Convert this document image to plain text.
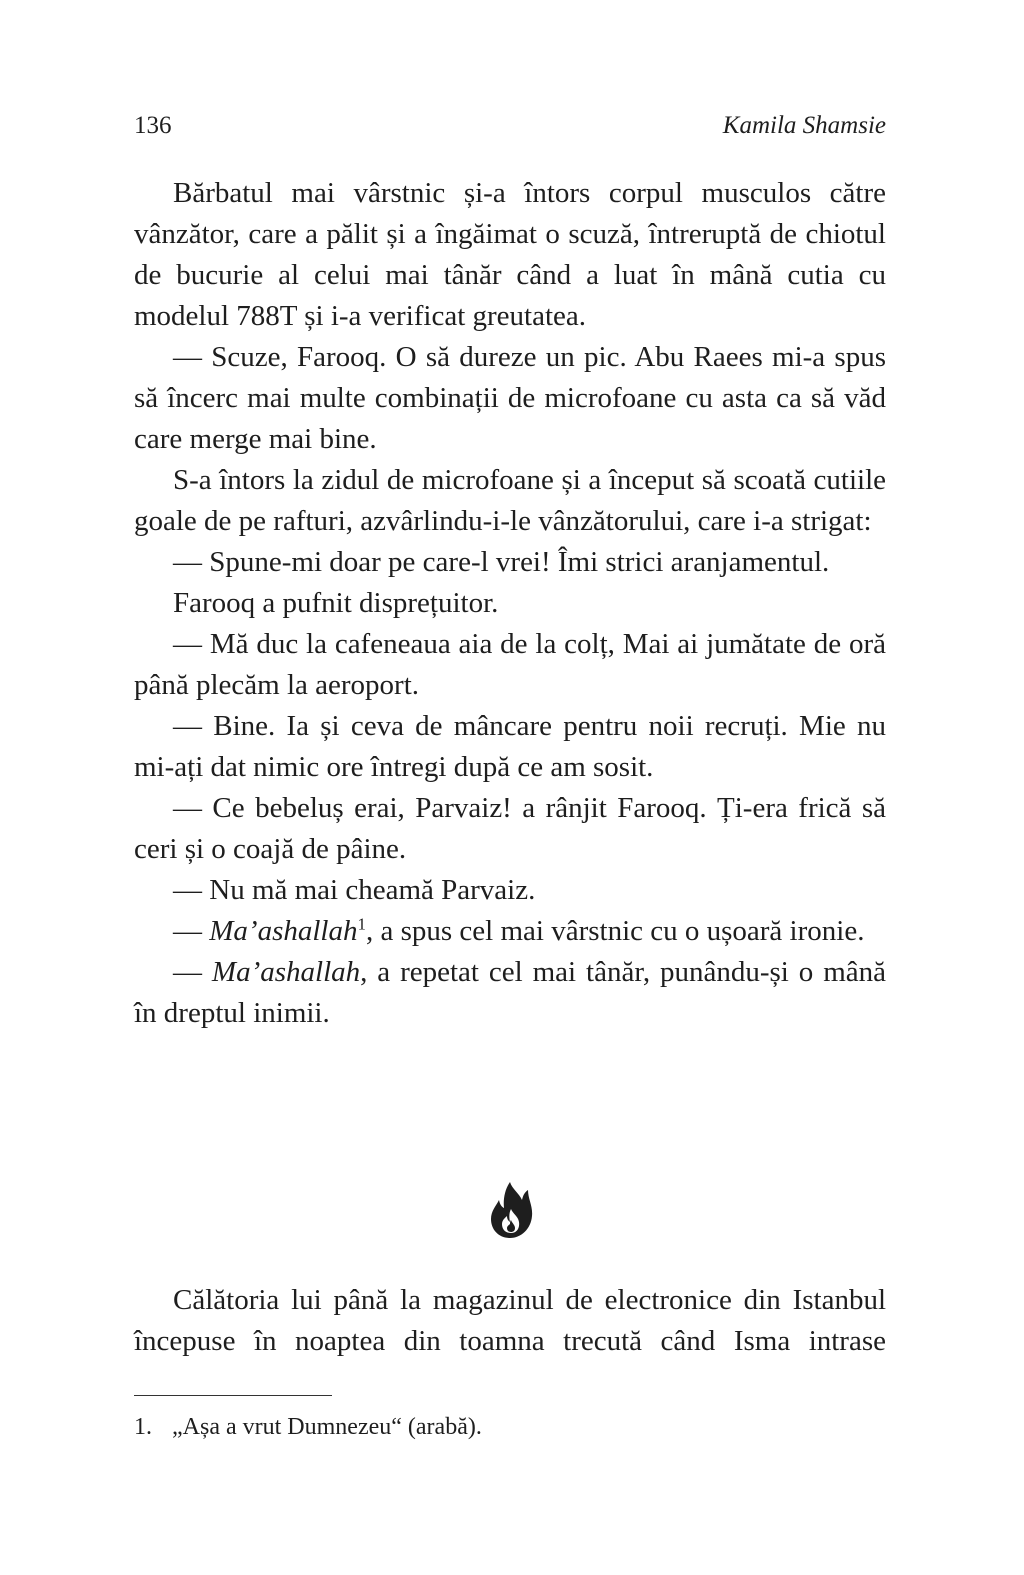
136	Kamila Shamsie

Bărbatul mai vârstnic și-a întors corpul musculos către vânzător, care a pălit și a îngăimat o scuză, întreruptă de chiotul de bucurie al celui mai tânăr când a luat în mână cutia cu modelul 788T și i-a verificat greutatea.

— Scuze, Farooq. O să dureze un pic. Abu Raees mi-a spus să încerc mai multe combinații de microfoane cu asta ca să văd care merge mai bine.

S-a întors la zidul de microfoane și a început să scoată cutiile goale de pe rafturi, azvârlindu-i-le vânzătorului, care i-a strigat:

— Spune-mi doar pe care-l vrei! Îmi strici aranjamentul.

Farooq a pufnit disprețuitor.

— Mă duc la cafeneaua aia de la colț, Mai ai jumătate de oră până plecăm la aeroport.

— Bine. Ia și ceva de mâncare pentru noii recruți. Mie nu mi-ați dat nimic ore întregi după ce am sosit.

— Ce bebeluș erai, Parvaiz! a rânjit Farooq. Ți-era frică să ceri și o coajă de pâine.

— Nu mă mai cheamă Parvaiz.

— Ma’ashallah$^1$, a spus cel mai vârstnic cu o ușoară ironie.

— Ma’ashallah, a repetat cel mai tânăr, punându-și o mână în dreptul inimii.

Călătoria lui până la magazinul de electronice din Istanbul începuse în noaptea din toamna trecută când Isma intrase

1. „Așa a vrut Dumnezeu“ (arabă).
